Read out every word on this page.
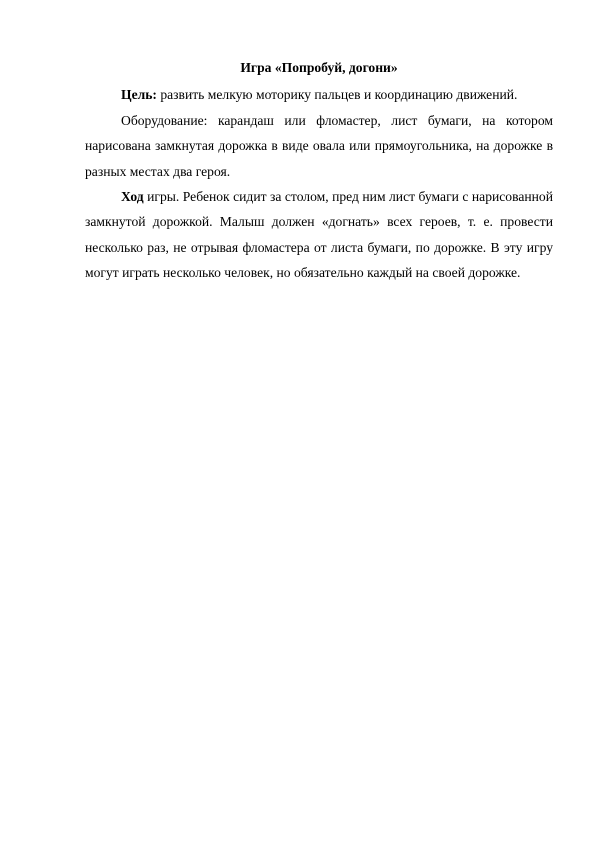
Игра «Попробуй, догони»

Цель: развить мелкую моторику пальцев и координацию движений.

Оборудование: карандаш или фломастер, лист бумаги, на котором нарисована замкнутая дорожка в виде овала или прямоугольника, на дорожке в разных местах два героя.

Ход игры. Ребенок сидит за столом, пред ним лист бумаги с нарисованной замкнутой дорожкой. Малыш должен «догнать» всех героев, т. е. провести несколько раз, не отрывая фломастера от листа бумаги, по дорожке. В эту игру могут играть несколько человек, но обязательно каждый на своей дорожке.
